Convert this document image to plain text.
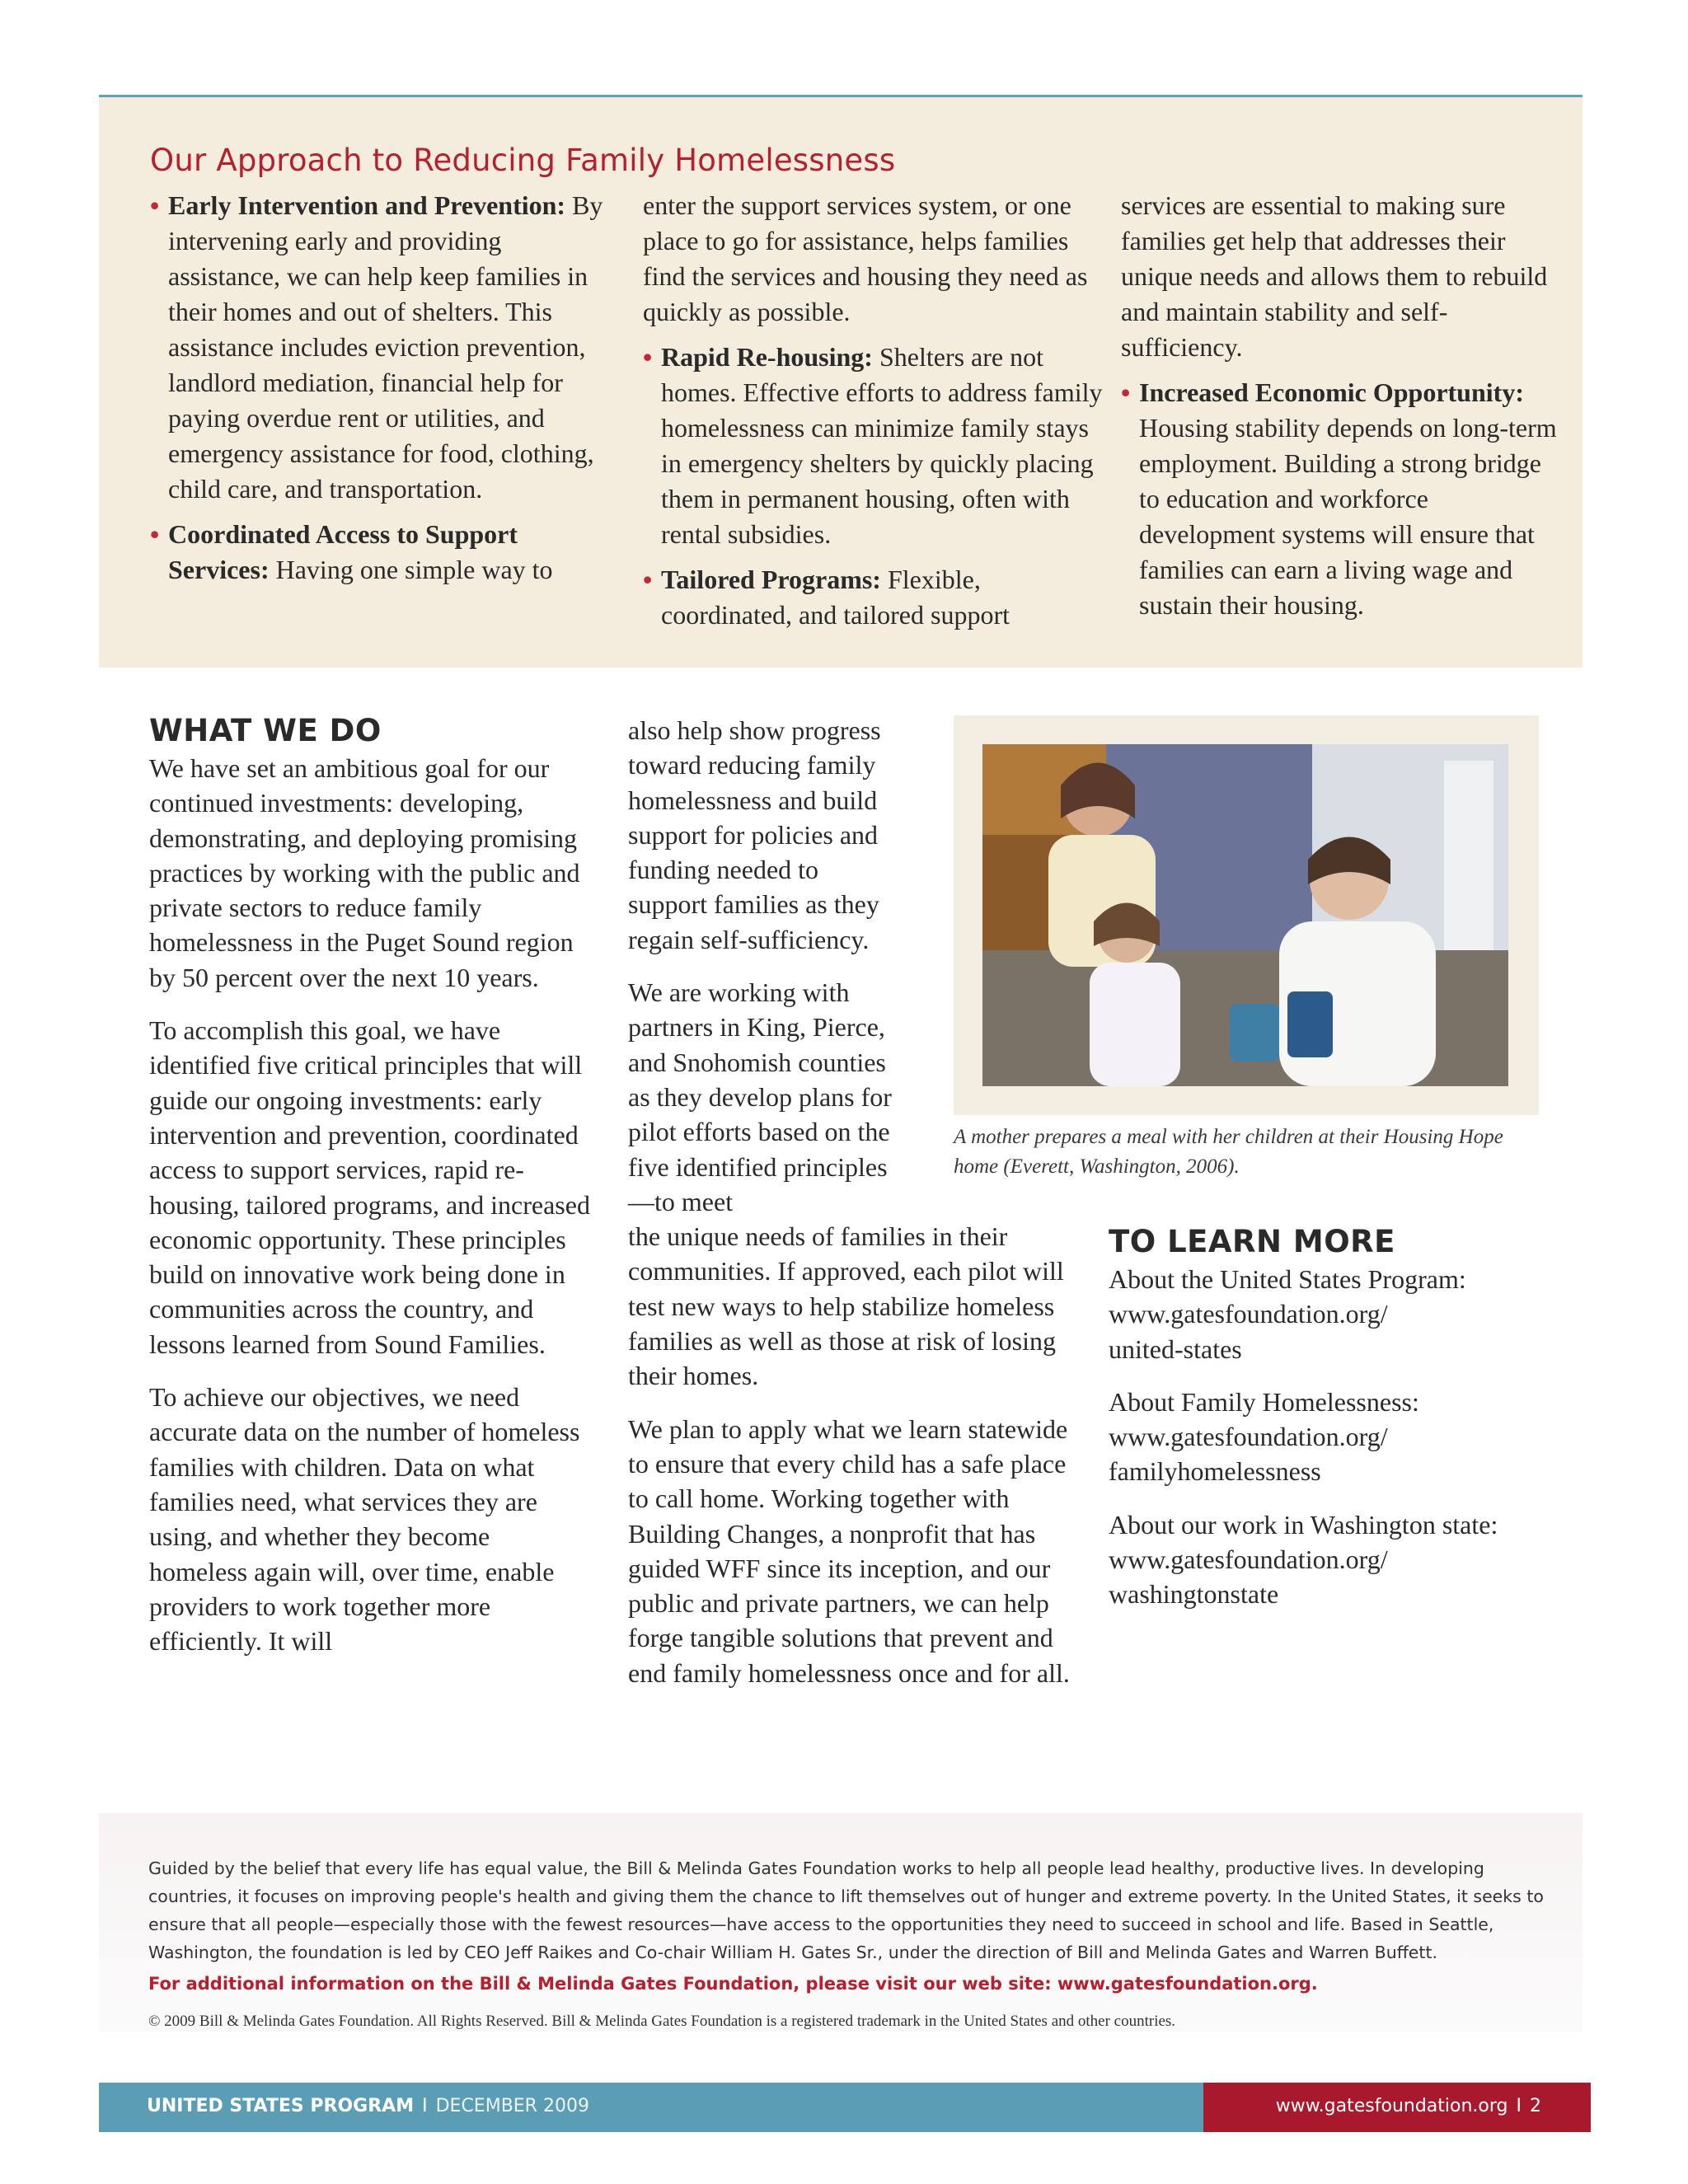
Our Approach to Reducing Family Homelessness
• Early Intervention and Prevention: By intervening early and providing assistance, we can help keep families in their homes and out of shelters. This assistance includes eviction prevention, landlord mediation, financial help for paying overdue rent or utilities, and emergency assistance for food, clothing, child care, and transportation.
• Coordinated Access to Support Services: Having one simple way to
enter the support services system, or one place to go for assistance, helps families find the services and housing they need as quickly as possible.
• Rapid Re-housing: Shelters are not homes. Effective efforts to address family homelessness can minimize family stays in emergency shelters by quickly placing them in permanent housing, often with rental subsidies.
• Tailored Programs: Flexible, coordinated, and tailored support
services are essential to making sure families get help that addresses their unique needs and allows them to rebuild and maintain stability and self-sufficiency.
• Increased Economic Opportunity: Housing stability depends on long-term employment. Building a strong bridge to education and workforce development systems will ensure that families can earn a living wage and sustain their housing.
WHAT WE DO

We have set an ambitious goal for our continued investments: developing, demonstrating, and deploying promising practices by working with the public and private sectors to reduce family homelessness in the Puget Sound region by 50 percent over the next 10 years.

To accomplish this goal, we have identified five critical principles that will guide our ongoing investments: early intervention and prevention, coordinated access to support services, rapid re-housing, tailored programs, and increased economic opportunity. These principles build on innovative work being done in communities across the country, and lessons learned from Sound Families.

To achieve our objectives, we need accurate data on the number of homeless families with children. Data on what families need, what services they are using, and whether they become homeless again will, over time, enable providers to work together more efficiently. It will

also help show progress toward reducing family homelessness and build support for policies and funding needed to support families as they regain self-sufficiency.

We are working with partners in King, Pierce, and Snohomish counties as they develop plans for pilot efforts based on the five identified principles—to meet

the unique needs of families in their communities. If approved, each pilot will test new ways to help stabilize homeless families as well as those at risk of losing their homes.

We plan to apply what we learn statewide to ensure that every child has a safe place to call home. Working together with Building Changes, a nonprofit that has guided WFF since its inception, and our public and private partners, we can help forge tangible solutions that prevent and end family homelessness once and for all.

A mother prepares a meal with her children at their Housing Hope home (Everett, Washington, 2006).
TO LEARN MORE

About the United States Program:
www.gatesfoundation.org/
united-states

About Family Homelessness:
www.gatesfoundation.org/
familyhomelessness

About our work in Washington state:
www.gatesfoundation.org/
washingtonstate

Guided by the belief that every life has equal value, the Bill & Melinda Gates Foundation works to help all people lead healthy, productive lives. In developing countries, it focuses on improving people's health and giving them the chance to lift themselves out of hunger and extreme poverty. In the United States, it seeks to ensure that all people—especially those with the fewest resources—have access to the opportunities they need to succeed in school and life. Based in Seattle, Washington, the foundation is led by CEO Jeff Raikes and Co-chair William H. Gates Sr., under the direction of Bill and Melinda Gates and Warren Buffett.
For additional information on the Bill & Melinda Gates Foundation, please visit our web site: www.gatesfoundation.org.
© 2009 Bill & Melinda Gates Foundation. All Rights Reserved. Bill & Melinda Gates Foundation is a registered trademark in the United States and other countries.
UNITED STATES PROGRAM I DECEMBER 2009	www.gatesfoundation.org I 2
